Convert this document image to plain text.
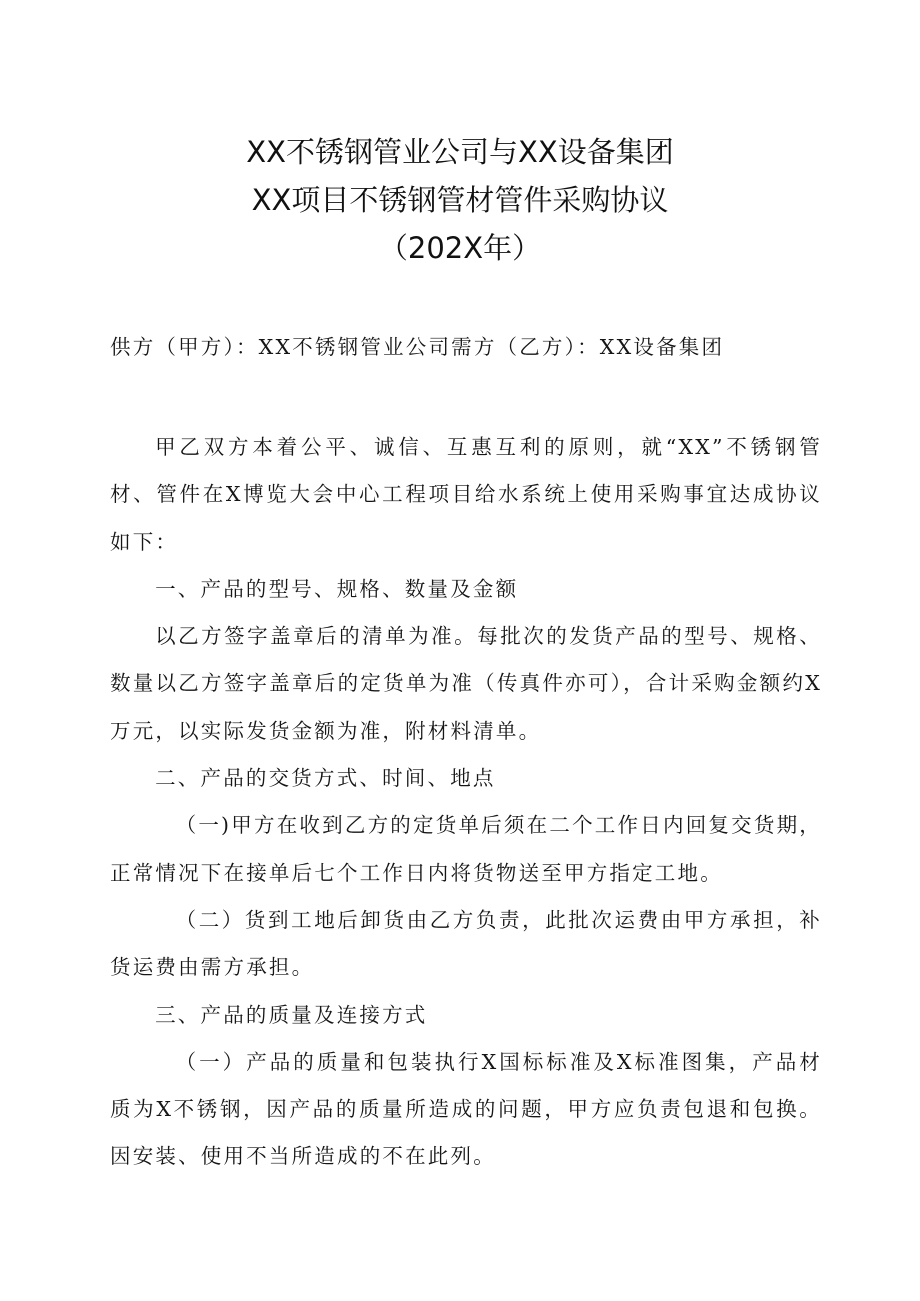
XX不锈钢管业公司与XX设备集团
XX项目不锈钢管材管件采购协议
（202X年）
供方（甲方）：XX不锈钢管业公司需方（乙方）：XX设备集团

甲乙双方本着公平、诚信、互惠互利的原则，就“XX”不锈钢管材、管件在X博览大会中心工程项目给水系统上使用采购事宜达成协议如下：

一、产品的型号、规格、数量及金额

以乙方签字盖章后的清单为准。每批次的发货产品的型号、规格、数量以乙方签字盖章后的定货单为准（传真件亦可），合计采购金额约X万元，以实际发货金额为准，附材料清单。

二、产品的交货方式、时间、地点

（一)甲方在收到乙方的定货单后须在二个工作日内回复交货期，正常情况下在接单后七个工作日内将货物送至甲方指定工地。

（二）货到工地后卸货由乙方负责，此批次运费由甲方承担，补货运费由需方承担。

三、产品的质量及连接方式

（一）产品的质量和包装执行X国标标准及X标准图集，产品材质为X不锈钢，因产品的质量所造成的问题，甲方应负责包退和包换。因安装、使用不当所造成的不在此列。
